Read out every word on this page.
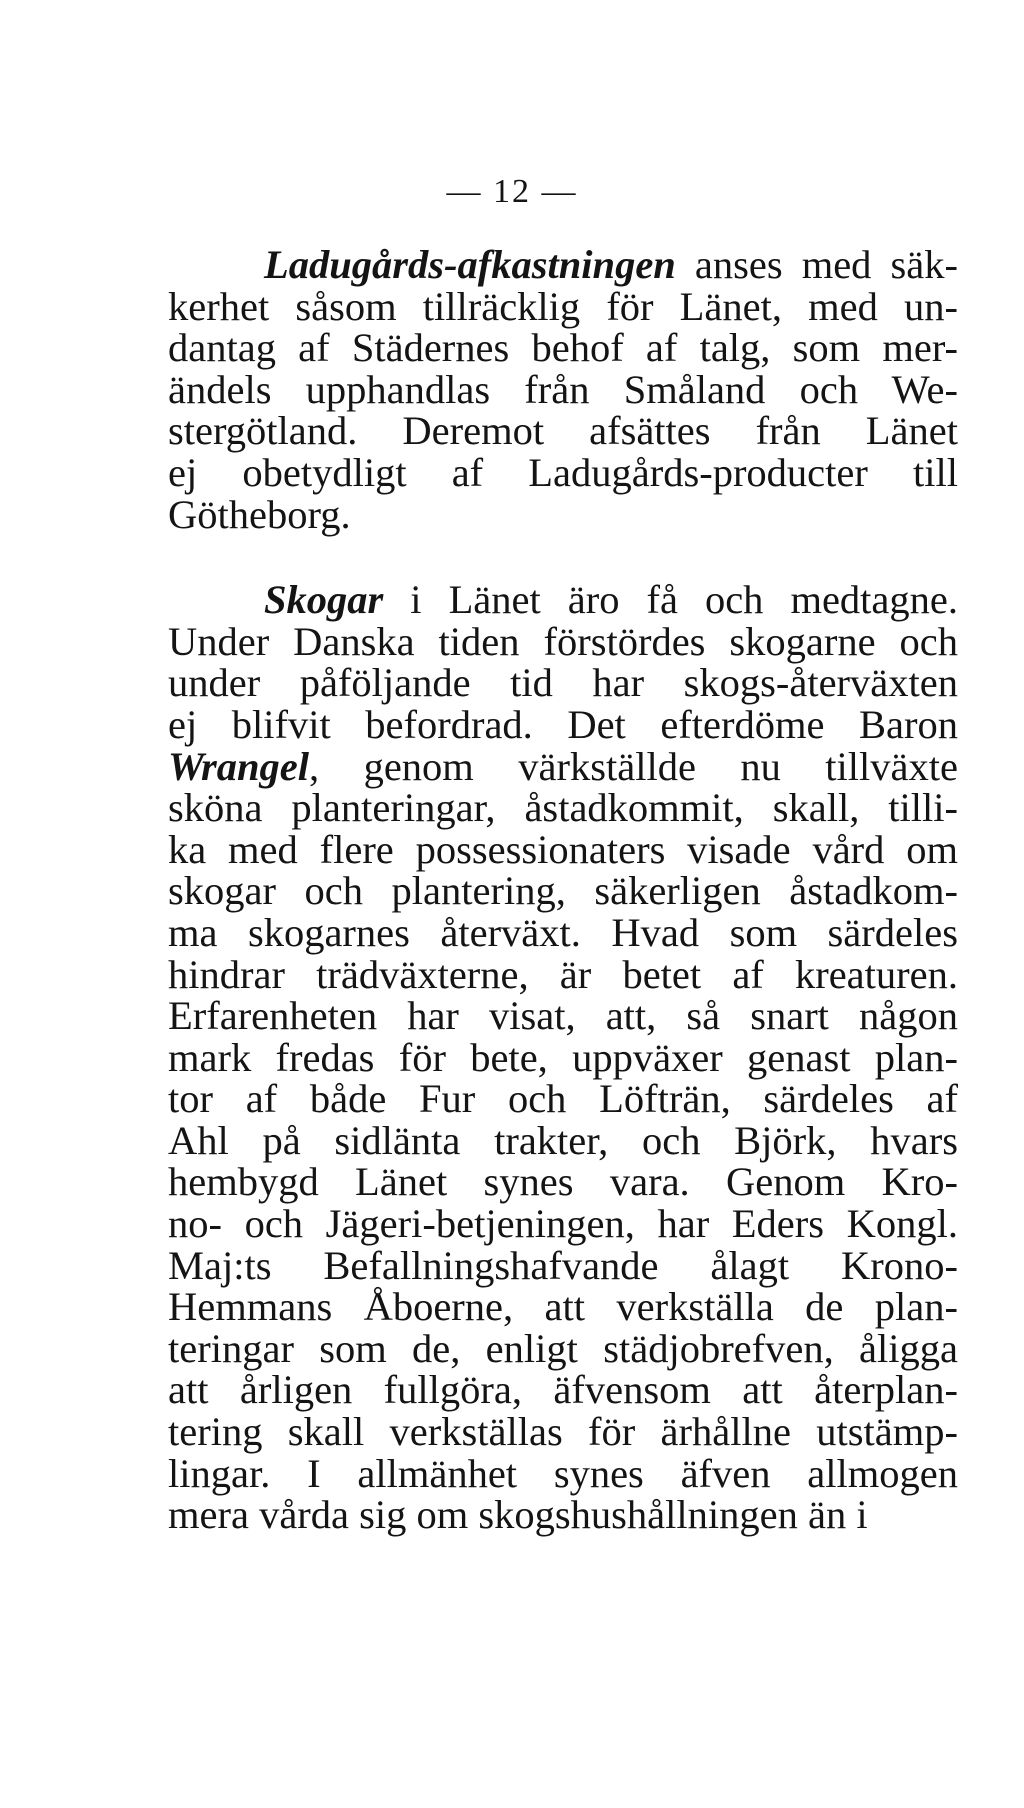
— 12 —
Ladugårds-afkastningen anses med säk-
kerhet såsom tillräcklig för Länet, med un-
dantag af Städernes behof af talg, som mer-
ändels upphandlas från Småland och We-
stergötland. Deremot afsättes från Länet
ej obetydligt af Ladugårds-producter till
Götheborg.
Skogar i Länet äro få och medtagne.
Under Danska tiden förstördes skogarne och
under påföljande tid har skogs-återväxten
ej blifvit befordrad. Det efterdöme Baron
Wrangel, genom värkställde nu tillväxte
sköna planteringar, åstadkommit, skall, tilli-
ka med flere possessionaters visade vård om
skogar och plantering, säkerligen åstadkom-
ma skogarnes återväxt. Hvad som särdeles
hindrar trädväxterne, är betet af kreaturen.
Erfarenheten har visat, att, så snart någon
mark fredas för bete, uppväxer genast plan-
tor af både Fur och Löfträn, särdeles af
Ahl på sidlänta trakter, och Björk, hvars
hembygd Länet synes vara. Genom Kro-
no- och Jägeri-betjeningen, har Eders Kongl.
Maj:ts Befallningshafvande ålagt Krono-
Hemmans Åboerne, att verkställa de plan-
teringar som de, enligt städjobrefven, åligga
att årligen fullgöra, äfvensom att återplan-
tering skall verkställas för ärhållne utstämp-
lingar. I allmänhet synes äfven allmogen
mera vårda sig om skogshushållningen än i
